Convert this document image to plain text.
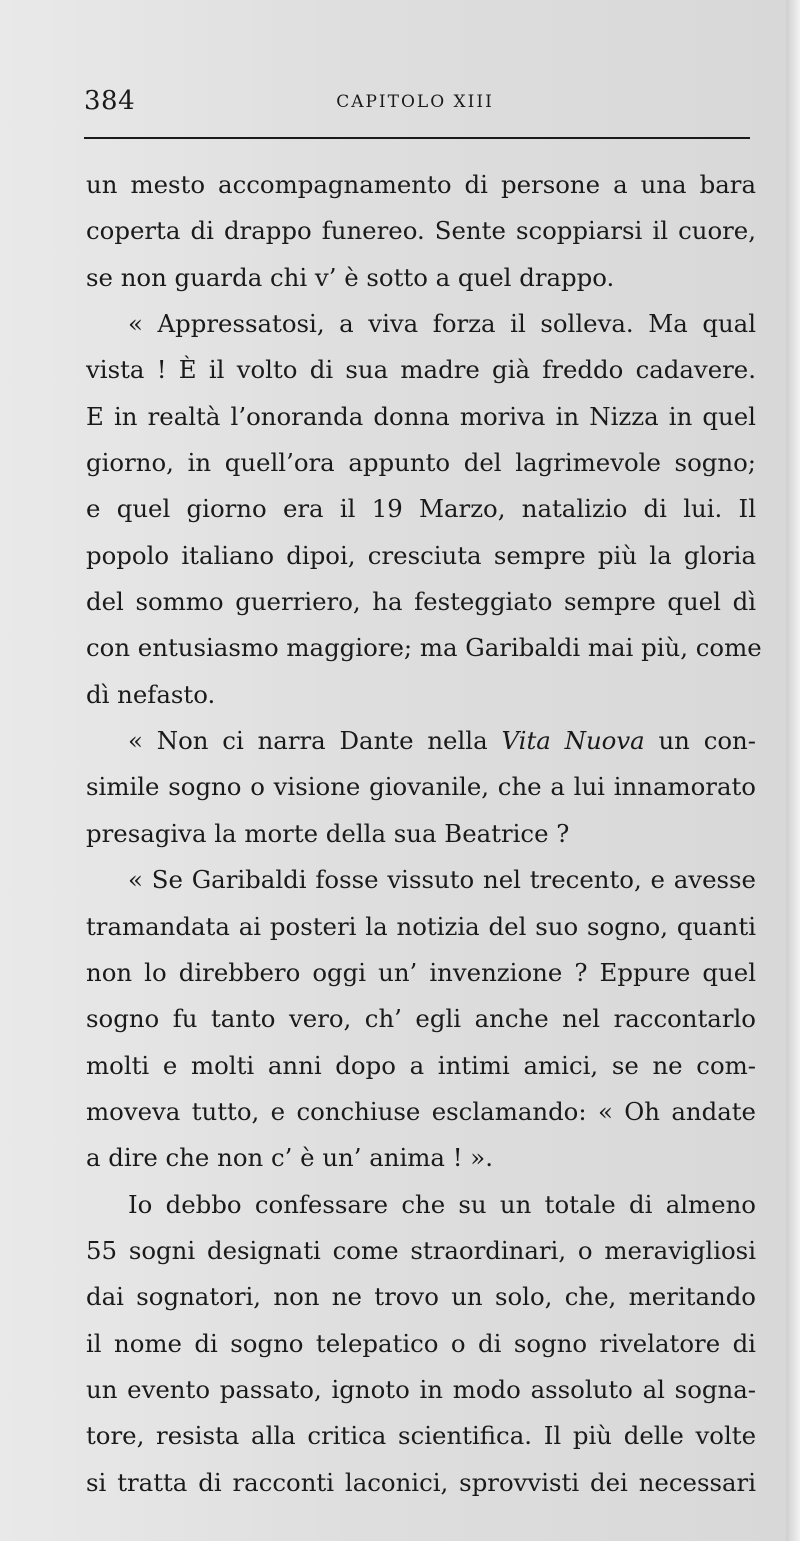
384	CAPITOLO XIII
un mesto accompagnamento di persone a una bara
coperta di drappo funereo. Sente scoppiarsi il cuore,
se non guarda chi v’ è sotto a quel drappo.
« Appressatosi, a viva forza il solleva. Ma qual
vista ! È il volto di sua madre già freddo cadavere.
E in realtà l’onoranda donna moriva in Nizza in quel
giorno, in quell’ora appunto del lagrimevole sogno;
e quel giorno era il 19 Marzo, natalizio di lui. Il
popolo italiano dipoi, cresciuta sempre più la gloria
del sommo guerriero, ha festeggiato sempre quel dì
con entusiasmo maggiore; ma Garibaldi mai più, come
dì nefasto.
« Non ci narra Dante nella Vita Nuova un con-
simile sogno o visione giovanile, che a lui innamorato
presagiva la morte della sua Beatrice ?
« Se Garibaldi fosse vissuto nel trecento, e avesse
tramandata ai posteri la notizia del suo sogno, quanti
non lo direbbero oggi un’ invenzione ? Eppure quel
sogno fu tanto vero, ch’ egli anche nel raccontarlo
molti e molti anni dopo a intimi amici, se ne com-
moveva tutto, e conchiuse esclamando: « Oh andate
a dire che non c’ è un’ anima ! ».
Io debbo confessare che su un totale di almeno
55 sogni designati come straordinari, o meravigliosi
dai sognatori, non ne trovo un solo, che, meritando
il nome di sogno telepatico o di sogno rivelatore di
un evento passato, ignoto in modo assoluto al sogna-
tore, resista alla critica scientifica. Il più delle volte
si tratta di racconti laconici, sprovvisti dei necessari
